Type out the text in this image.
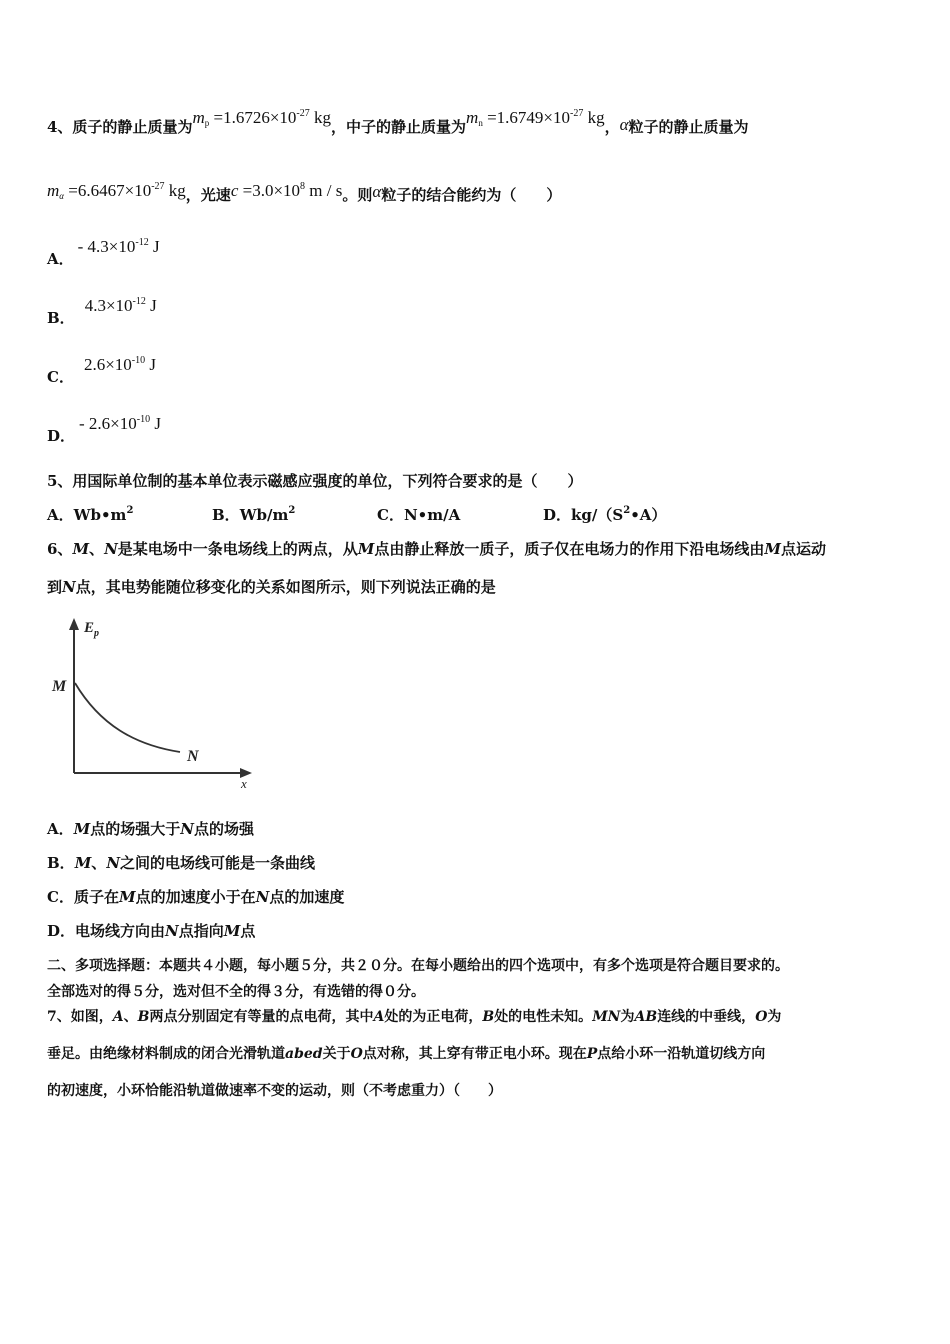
4、质子的静止质量为$m_p =1.6726\times 10^{-27}$ kg，中子的静止质量为$m_n =1.6749\times 10^{-27}$ kg，α粒子的静止质量为
$m_\alpha =6.6467\times 10^{-27}$ kg，光速$c =3.0\times 10^8$ m / s。则α粒子的结合能约为（　　）
A．- $4.3\times 10^{-12}$ J
B．$4.3\times 10^{-12}$ J
C．$2.6\times 10^{-10}$ J
D．- $2.6\times 10^{-10}$ J
5、用国际单位制的基本单位表示磁感应强度的单位，下列符合要求的是（　　）
A．$Wb•m^2$	B．$Wb/m^2$	C．N•m/A	D．$kg/(S^2•A)$
6、M、N是某电场中一条电场线上的两点，从M点由静止释放一质子，质子仅在电场力的作用下沿电场线由M点运动
到N点，其电势能随位移变化的关系如图所示，则下列说法正确的是
$E_p$
x
M
N
A．M点的场强大于N点的场强
B．M、N之间的电场线可能是一条曲线
C．质子在M点的加速度小于在N点的加速度
D．电场线方向由N点指向M点
二、多项选择题：本题共４小题，每小题５分，共２０分。在每小题给出的四个选项中，有多个选项是符合题目要求的。
全部选对的得５分，选对但不全的得３分，有选错的得０分。
7、如图，A、B两点分别固定有等量的点电荷，其中A处的为正电荷，B处的电性未知。MN为AB连线的中垂线，O为
垂足。由绝缘材料制成的闭合光滑轨道abed关于O点对称，其上穿有带正电小环。现在P点给小环一沿轨道切线方向
的初速度，小环恰能沿轨道做速率不变的运动，则（不考虑重力）（　　）
